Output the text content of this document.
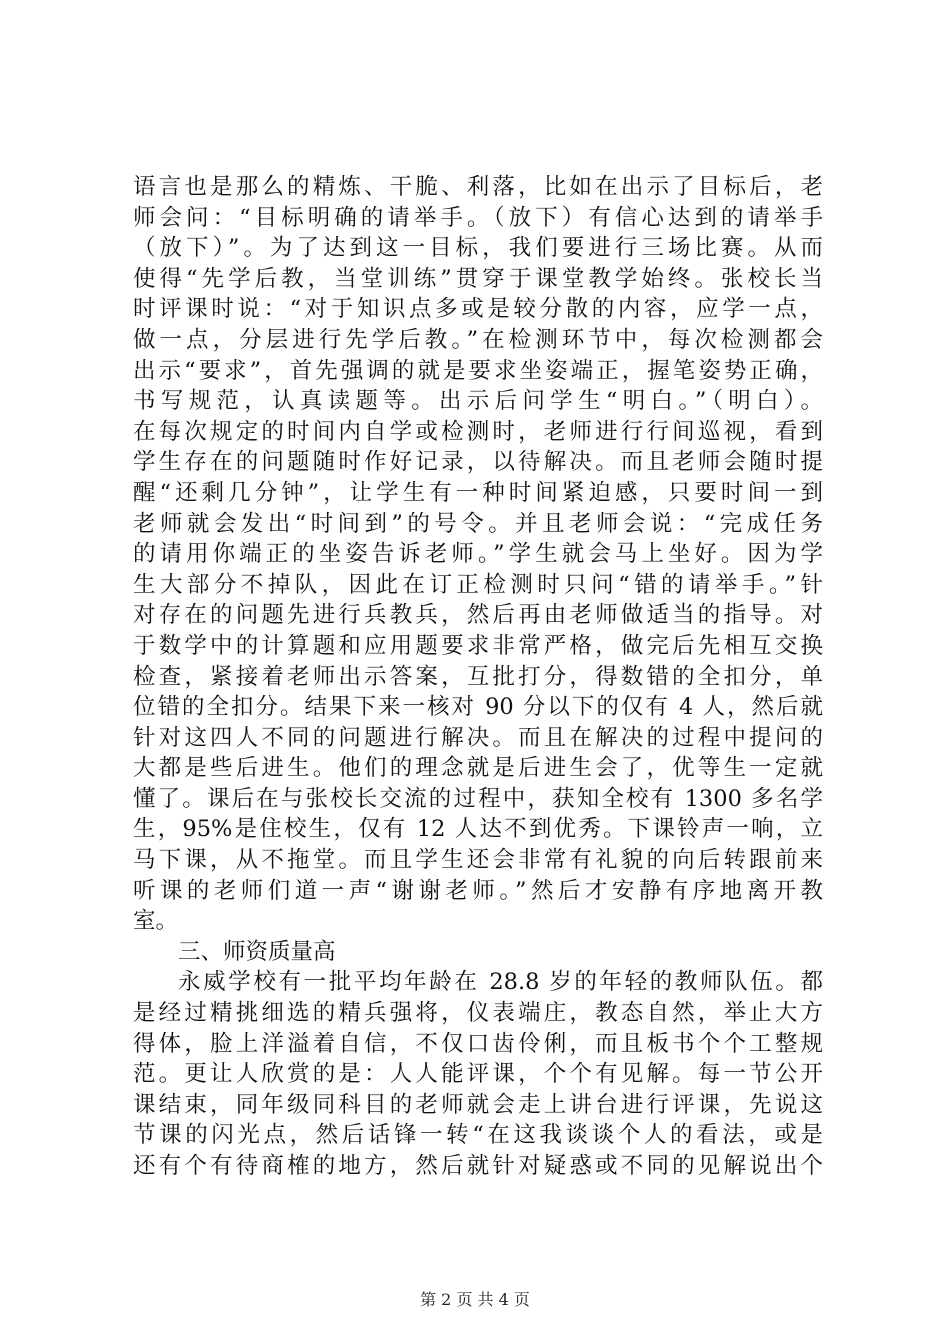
语言也是那么的精炼、干脆、利落，比如在出示了目标后，老
师会问：“目标明确的请举手。（放下）有信心达到的请举手
（放下）”。为了达到这一目标，我们要进行三场比赛。从而
使得“先学后教，当堂训练”贯穿于课堂教学始终。张校长当
时评课时说：“对于知识点多或是较分散的内容，应学一点，
做一点，分层进行先学后教。”在检测环节中，每次检测都会
出示“要求”，首先强调的就是要求坐姿端正，握笔姿势正确，
书写规范，认真读题等。出示后问学生“明白。”（明白）。
在每次规定的时间内自学或检测时，老师进行行间巡视，看到
学生存在的问题随时作好记录，以待解决。而且老师会随时提
醒“还剩几分钟”，让学生有一种时间紧迫感，只要时间一到
老师就会发出“时间到”的号令。并且老师会说：“完成任务
的请用你端正的坐姿告诉老师。”学生就会马上坐好。因为学
生大部分不掉队，因此在订正检测时只问“错的请举手。”针
对存在的问题先进行兵教兵，然后再由老师做适当的指导。对
于数学中的计算题和应用题要求非常严格，做完后先相互交换
检查，紧接着老师出示答案，互批打分，得数错的全扣分，单
位错的全扣分。结果下来一核对 90 分以下的仅有 4 人，然后就
针对这四人不同的问题进行解决。而且在解决的过程中提问的
大都是些后进生。他们的理念就是后进生会了，优等生一定就
懂了。课后在与张校长交流的过程中，获知全校有 1300 多名学
生，95%是住校生，仅有 12 人达不到优秀。下课铃声一响，立
马下课，从不拖堂。而且学生还会非常有礼貌的向后转跟前来
听课的老师们道一声“谢谢老师。”然后才安静有序地离开教
室。
三、师资质量高
永威学校有一批平均年龄在 28.8 岁的年轻的教师队伍。都
是经过精挑细选的精兵强将，仪表端庄，教态自然，举止大方
得体，脸上洋溢着自信，不仅口齿伶俐，而且板书个个工整规
范。更让人欣赏的是：人人能评课，个个有见解。每一节公开
课结束，同年级同科目的老师就会走上讲台进行评课，先说这
节课的闪光点，然后话锋一转“在这我谈谈个人的看法，或是
还有个有待商榷的地方，然后就针对疑惑或不同的见解说出个
第 2 页 共 4 页
